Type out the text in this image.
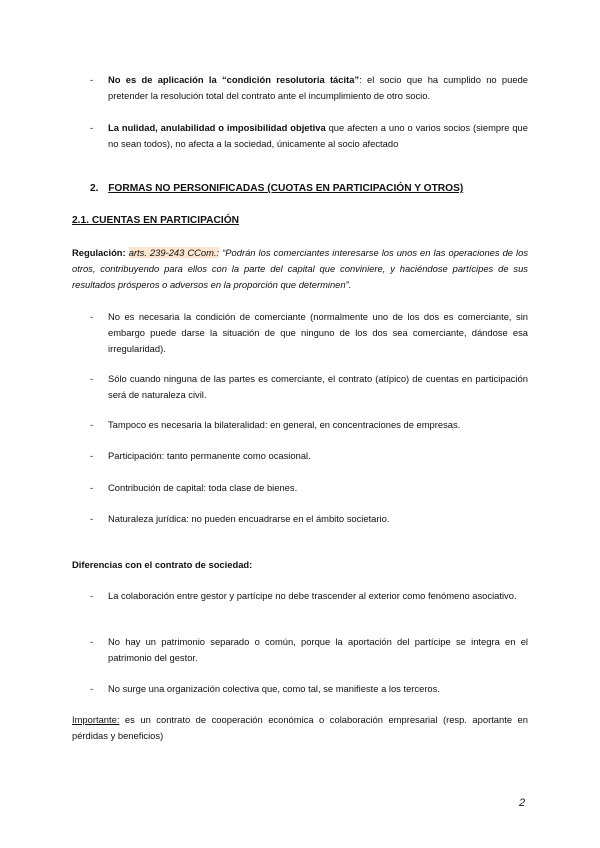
-	No es de aplicación la “condición resolutoria tácita”: el socio que ha cumplido no puede pretender la resolución total del contrato ante el incumplimiento de otro socio.
-	La nulidad, anulabilidad o imposibilidad objetiva que afecten a uno o varios socios (siempre que no sean todos), no afecta a la sociedad, únicamente al socio afectado
2. FORMAS NO PERSONIFICADAS (CUOTAS EN PARTICIPACIÓN Y OTROS)
2.1. CUENTAS EN PARTICIPACIÓN
Regulación: arts. 239-243 CCom.: “Podrán los comerciantes interesarse los unos en las operaciones de los otros, contribuyendo para ellos con la parte del capital que conviniere, y haciéndose partícipes de sus resultados prósperos o adversos en la proporción que determinen”.
-	No es necesaria la condición de comerciante (normalmente uno de los dos es comerciante, sin embargo puede darse la situación de que ninguno de los dos sea comerciante, dándose esa irregularidad).
-	Sólo cuando ninguna de las partes es comerciante, el contrato (atípico) de cuentas en participación será de naturaleza civil.
-	Tampoco es necesaria la bilateralidad: en general, en concentraciones de empresas.
-	Participación: tanto permanente como ocasional.
-	Contribución de capital: toda clase de bienes.
-	Naturaleza jurídica: no pueden encuadrarse en el ámbito societario.
Diferencias con el contrato de sociedad:
-	La colaboración entre gestor y partícipe no debe trascender al exterior como fenómeno asociativo.
-	No hay un patrimonio separado o común, porque la aportación del partícipe se integra en el patrimonio del gestor.
-	No surge una organización colectiva que, como tal, se manifieste a los terceros.
Importante: es un contrato de cooperación económica o colaboración empresarial (resp. aportante en pérdidas y beneficios)
2
